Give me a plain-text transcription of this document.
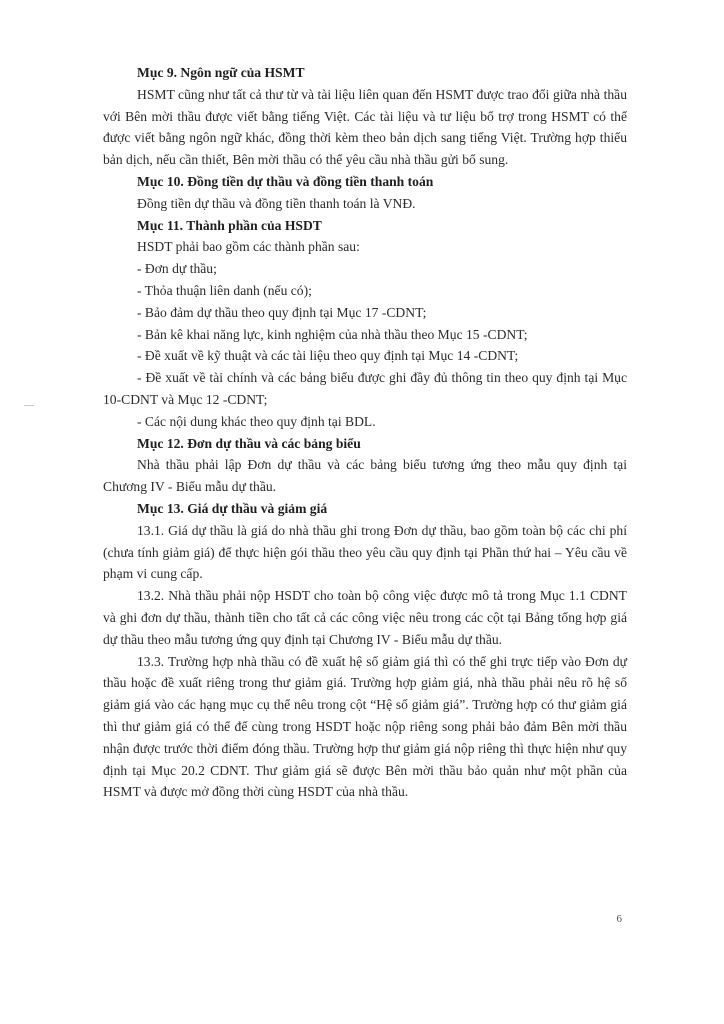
Mục 9. Ngôn ngữ của HSMT

HSMT cũng như tất cả thư từ và tài liệu liên quan đến HSMT được trao đổi giữa nhà thầu với Bên mời thầu được viết bằng tiếng Việt. Các tài liệu và tư liệu bổ trợ trong HSMT có thể được viết bằng ngôn ngữ khác, đồng thời kèm theo bản dịch sang tiếng Việt. Trường hợp thiếu bản dịch, nếu cần thiết, Bên mời thầu có thể yêu cầu nhà thầu gửi bổ sung.

Mục 10. Đồng tiền dự thầu và đồng tiền thanh toán

Đồng tiền dự thầu và đồng tiền thanh toán là VNĐ.

Mục 11. Thành phần của HSDT

HSDT phải bao gồm các thành phần sau:

- Đơn dự thầu;

- Thỏa thuận liên danh (nếu có);

- Bảo đảm dự thầu theo quy định tại Mục 17 -CDNT;

- Bản kê khai năng lực, kinh nghiệm của nhà thầu theo Mục 15 -CDNT;

- Đề xuất về kỹ thuật và các tài liệu theo quy định tại Mục 14 -CDNT;

- Đề xuất về tài chính và các bảng biểu được ghi đầy đủ thông tin theo quy định tại Mục 10-CDNT và Mục 12 -CDNT;

- Các nội dung khác theo quy định tại BDL.

Mục 12. Đơn dự thầu và các bảng biểu

Nhà thầu phải lập Đơn dự thầu và các bảng biểu tương ứng theo mẫu quy định tại Chương IV - Biểu mẫu dự thầu.

Mục 13. Giá dự thầu và giảm giá

13.1. Giá dự thầu là giá do nhà thầu ghi trong Đơn dự thầu, bao gồm toàn bộ các chi phí (chưa tính giảm giá) để thực hiện gói thầu theo yêu cầu quy định tại Phần thứ hai – Yêu cầu về phạm vi cung cấp.

13.2. Nhà thầu phải nộp HSDT cho toàn bộ công việc được mô tả trong Mục 1.1 CDNT và ghi đơn dự thầu, thành tiền cho tất cả các công việc nêu trong các cột tại Bảng tổng hợp giá dự thầu theo mẫu tương ứng quy định tại Chương IV - Biểu mẫu dự thầu.

13.3. Trường hợp nhà thầu có đề xuất hệ số giảm giá thì có thể ghi trực tiếp vào Đơn dự thầu hoặc đề xuất riêng trong thư giảm giá. Trường hợp giảm giá, nhà thầu phải nêu rõ hệ số giảm giá vào các hạng mục cụ thể nêu trong cột “Hệ số giảm giá”. Trường hợp có thư giảm giá thì thư giảm giá có thể để cùng trong HSDT hoặc nộp riêng song phải bảo đảm Bên mời thầu nhận được trước thời điểm đóng thầu. Trường hợp thư giảm giá nộp riêng thì thực hiện như quy định tại Mục 20.2 CDNT. Thư giảm giá sẽ được Bên mời thầu bảo quản như một phần của HSMT và được mở đồng thời cùng HSDT của nhà thầu.

6
